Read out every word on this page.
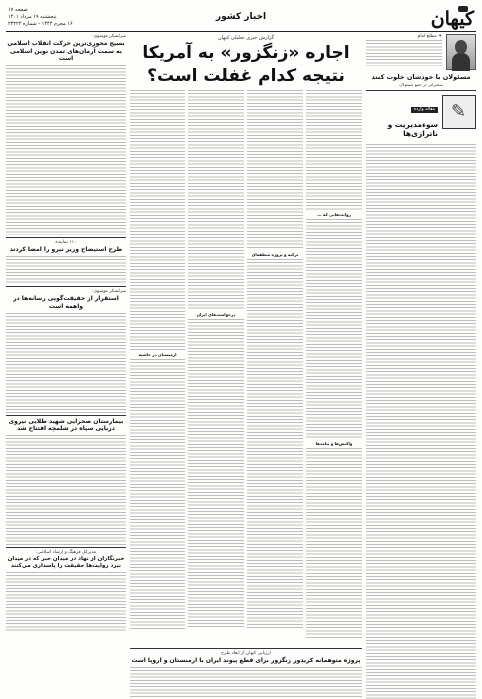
کیهان
اخبار کشور
صفحه ۱۷
پنجشنبه ۱۹ مرداد ۱۴۰۱
۱۶ محرم ۱۴۴۴ - شماره ۲۳۲۲۲
✦ مطلع امام
مسئولان با خودشان خلوت کنند
سخنرانی در جمع مسئولان
✎
مقاله وارده
سوءمدیریت و ناترازی‌ها
گزارش خبری تحلیلی کیهان
اجاره «زنگزور» به آمریکا
نتیجه کدام غفلت است؟
روایت‌هایی که ...
واکنش‌ها و پیامدها
ترکیه و پروژه منطقه‌ای
درخواست‌های ایران
ارمنستان در حاشیه
ارزیابی کیهان از ابعاد طرح
پروژه متوهمانه کریدور زنگزور برای قطع پیوند ایران با ارمنستان و اروپا است
سرلشکر موسوی:
بسیج محوری‌ترین حرکت انقلاب اسلامی به سمت آرمان‌های تمدن نوین اسلامی است
۱۱۰ نماینده
طرح استیضاح وزیر نیرو را امضا کردند
سرلشکر موسوی:
استقرار از حقیقت‌گویی رسانه‌ها در واهمه است
بیمارستان صحرایی شهید طلایی نیروی دریایی سپاه در شلمچه افتتاح شد
مدیرکل فرهنگ و ارشاد اسلامی:
خبرنگاران از نهاد در میدان خبر که در میدان نبرد روایت‌ها حقیقت را پاسداری می‌کنند
